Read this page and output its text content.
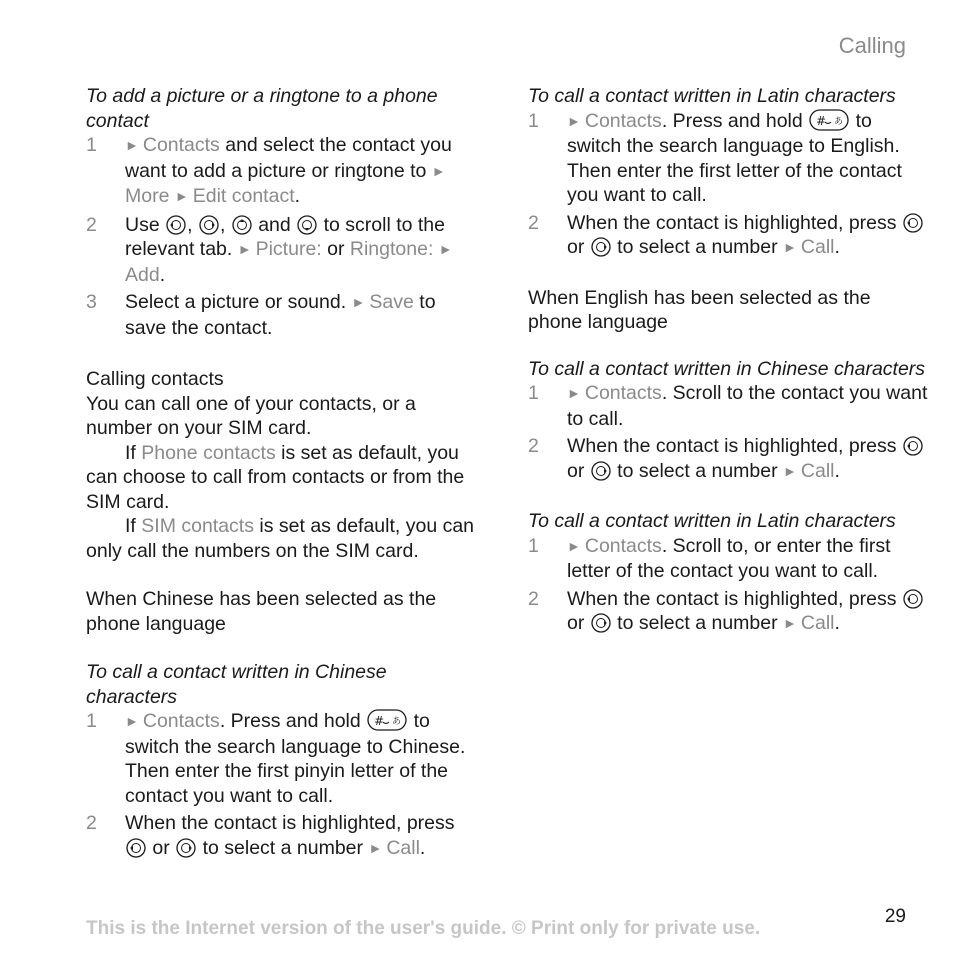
Calling

To add a picture or a ringtone to a phone contact

1	► Contacts and select the contact you want to add a picture or ringtone to ►More ► Edit contact.
2	Use , ,  and  to scroll to the relevant tab. ► Picture: or Ringtone: ►Add.
3	Select a picture or sound. ► Save to save the contact.

Calling contacts

You can call one of your contacts, or a number on your SIM card.

If Phone contacts is set as default, you can choose to call from contacts or from the SIM card.

If SIM contacts is set as default, you can only call the numbers on the SIM card.

When Chinese has been selected as the phone language

To call a contact written in Chinese characters

1	► Contacts. Press and hold # あ to switch the search language to Chinese. Then enter the first pinyin letter of the contact you want to call.
2	When the contact is highlighted, press  or  to select a number ► Call.

To call a contact written in Latin characters

1	► Contacts. Press and hold # あ to switch the search language to English. Then enter the first letter of the contact you want to call.
2	When the contact is highlighted, press  or  to select a number ► Call.

When English has been selected as the phone language

To call a contact written in Chinese characters

1	► Contacts. Scroll to the contact you want to call.
2	When the contact is highlighted, press  or  to select a number ► Call.

To call a contact written in Latin characters

1	► Contacts. Scroll to, or enter the first letter of the contact you want to call.
2	When the contact is highlighted, press  or  to select a number ► Call.
This is the Internet version of the user's guide. © Print only for private use.
29
